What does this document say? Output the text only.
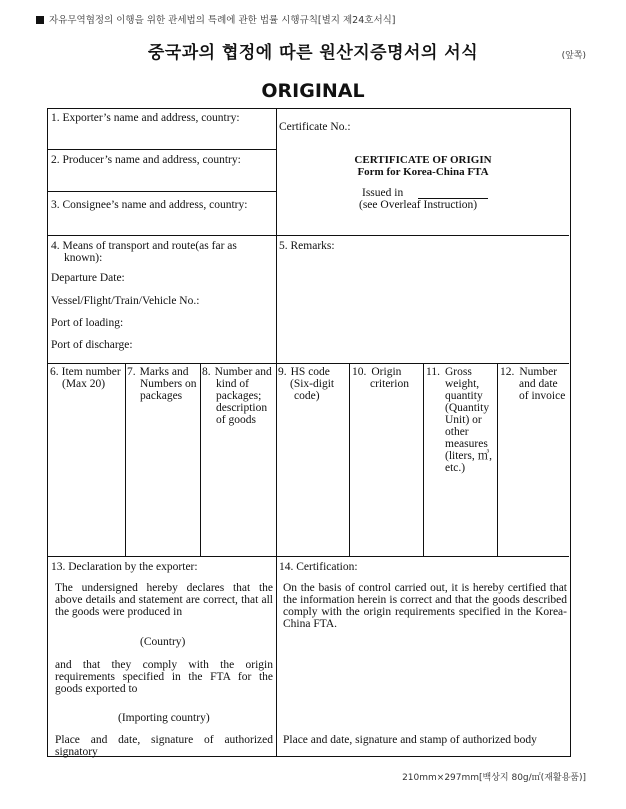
자유무역협정의 이행을 위한 관세법의 특례에 관한 법률 시행규칙[별지 제24호서식]
중국과의 협정에 따른 원산지증명서의 서식	(앞쪽)
ORIGINAL
1. Exporter’s name and address, country:
2. Producer’s name and address, country:
3. Consignee’s name and address, country:
Certificate No.:
CERTIFICATE OF ORIGIN
Form for Korea-China FTA
Issued in
(see Overleaf Instruction)
4. Means of transport and route(as far as
known):
Departure Date:
Vessel/Flight/Train/Vehicle No.:
Port of loading:
Port of discharge:
5. Remarks:
6. Item number
(Max 20)
7. Marks and
Numbers on
packages
8. Number and
kind of
packages;
description
of goods
9. HS code
(Six-digit
code)
10. Origin
criterion
11. Gross
weight,
quantity
(Quantity
Unit) or
other
measures
(liters, ㎥,
etc.)
12. Number
and date
of invoice
13. Declaration by the exporter:
The undersigned hereby declares that the above details and statement are correct, that all the goods were produced in
(Country)
and that they comply with the origin requirements specified in the FTA for the goods exported to
(Importing country)
Place and date, signature of authorized signatory
14. Certification:
On the basis of control carried out, it is hereby certified that the information herein is correct and that the goods described comply with the origin requirements specified in the Korea-China FTA.
Place and date, signature and stamp of authorized body
210mm×297mm[백상지 80g/㎡(재활용품)]
